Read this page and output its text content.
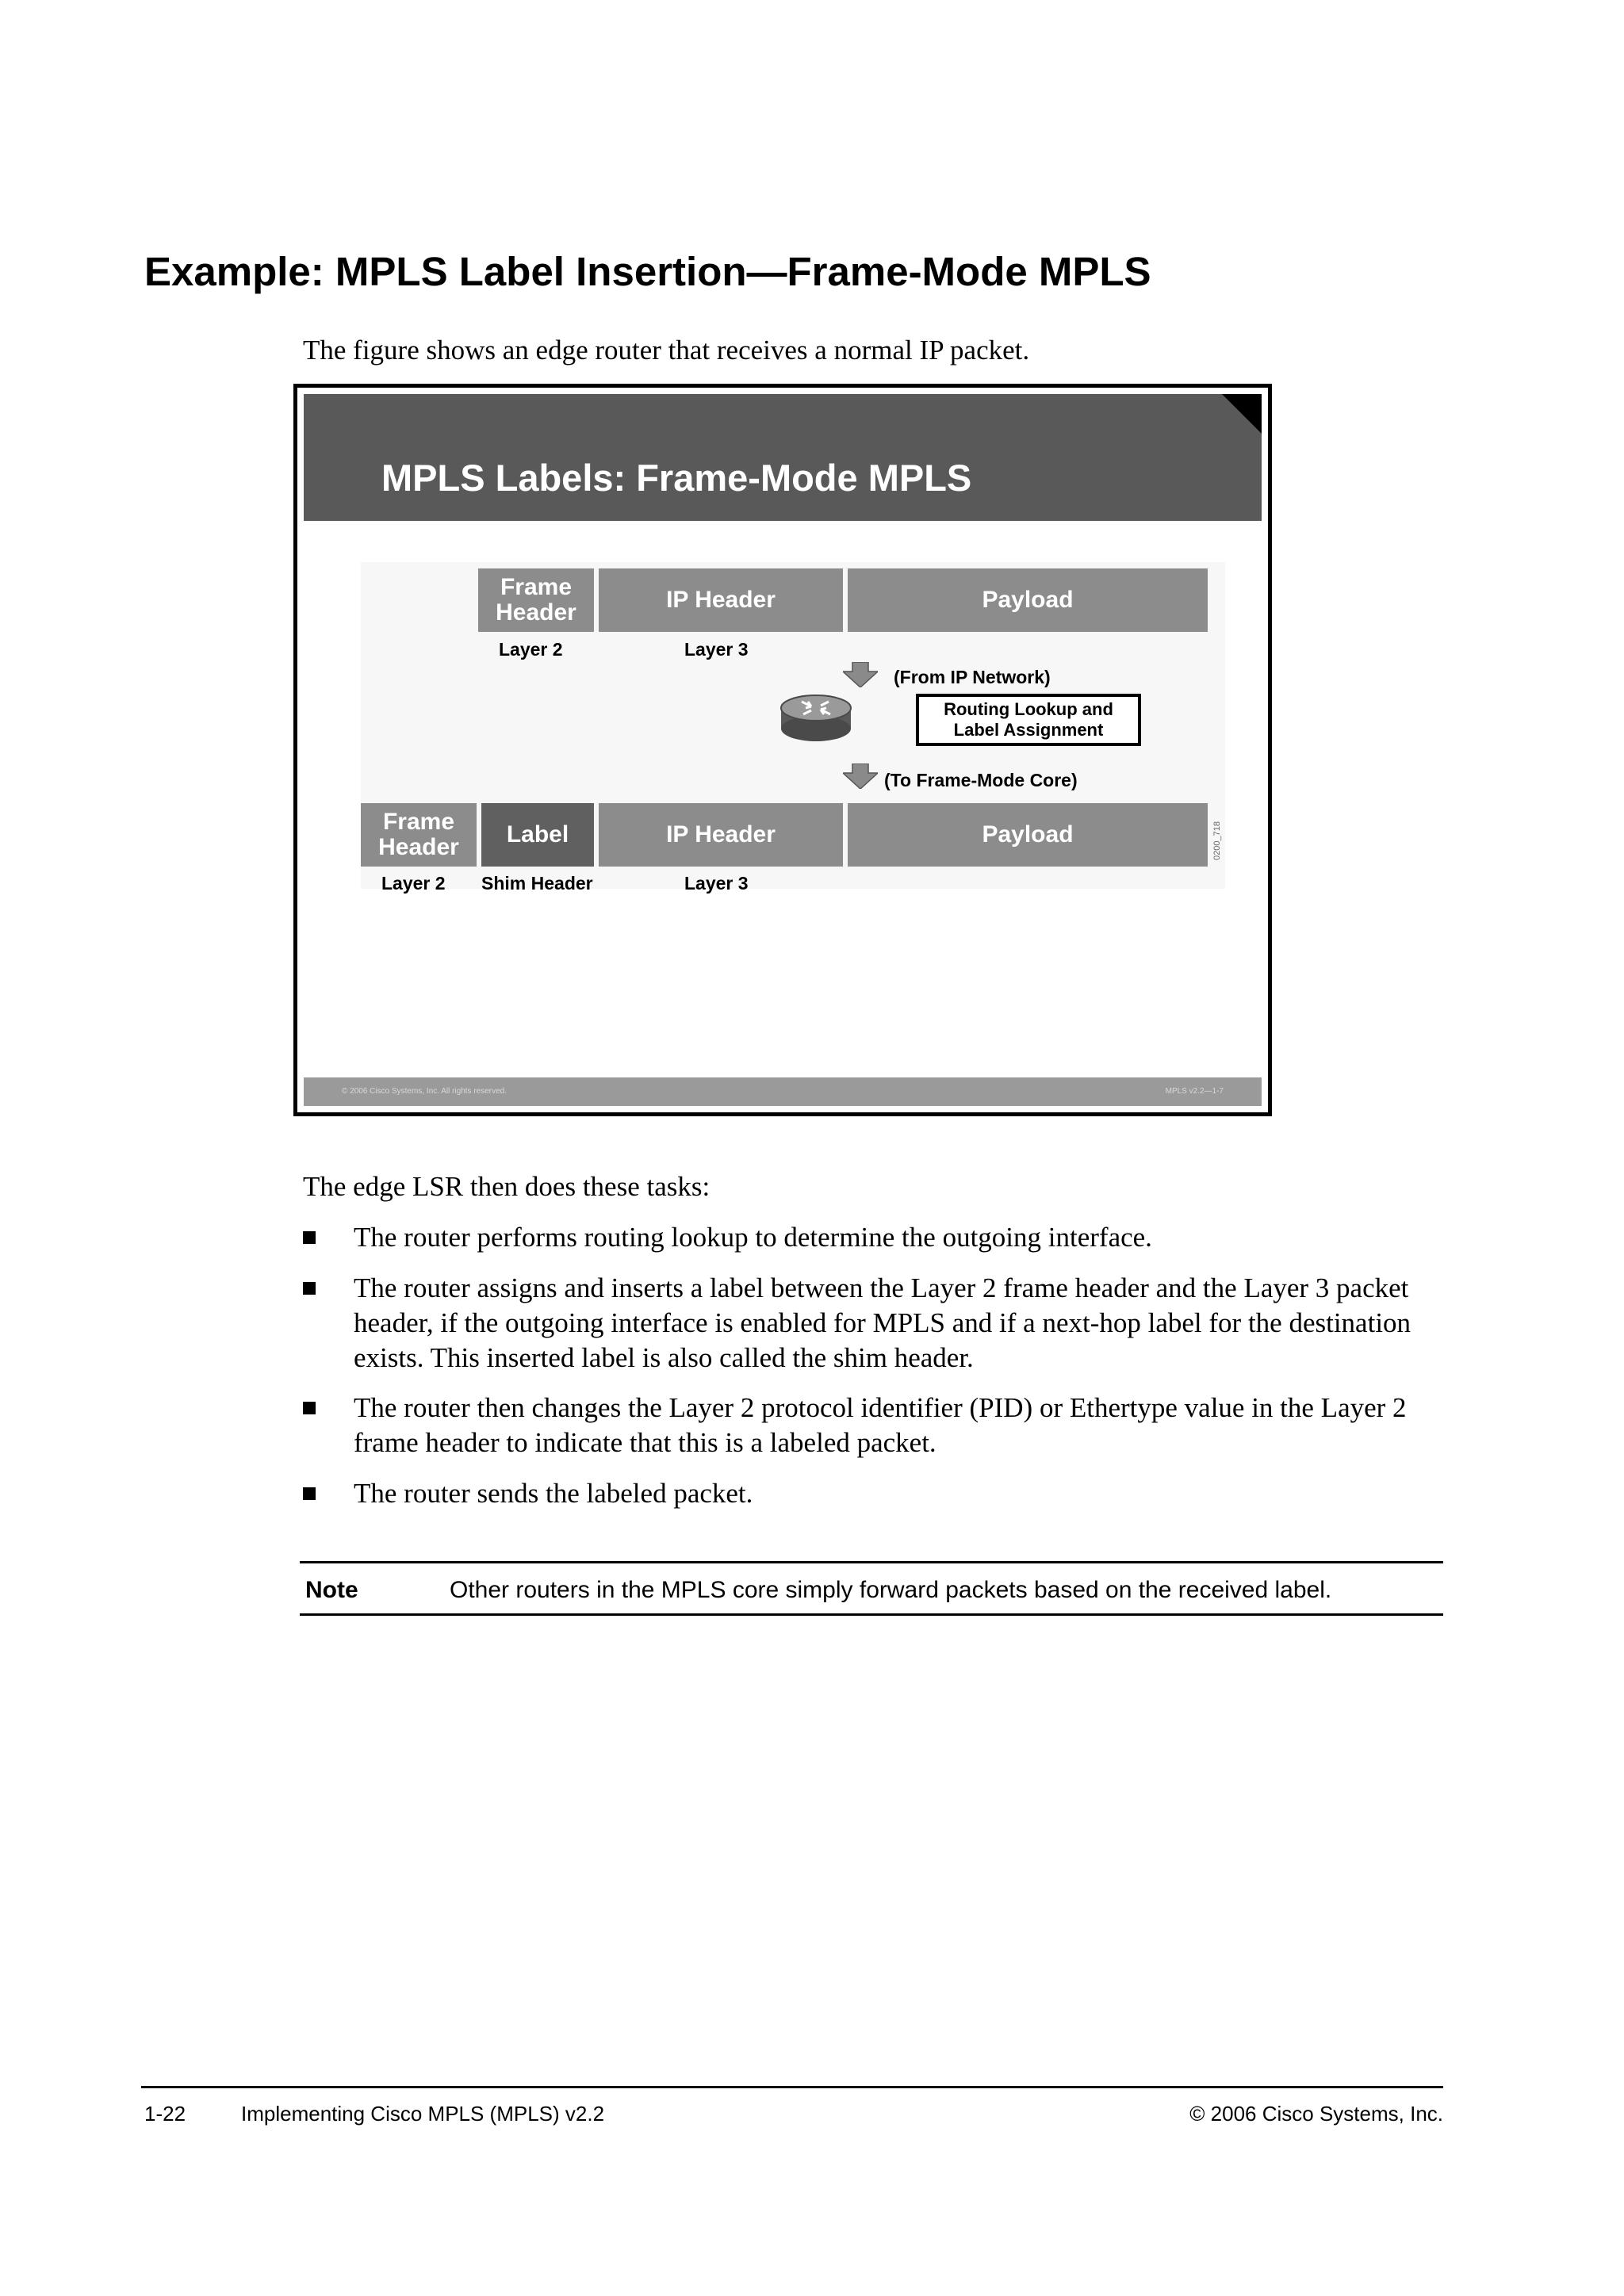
Example: MPLS Label Insertion—Frame-Mode MPLS
The figure shows an edge router that receives a normal IP packet.
MPLS Labels: Frame-Mode MPLS
Frame
Header	IP Header	Payload
Layer 2	Layer 3
(From IP Network)
Routing Lookup and
Label Assignment
(To Frame-Mode Core)
Frame
Header	Label	IP Header	Payload
Layer 2 Shim Header	Layer 3
0200_718
© 2006 Cisco Systems, Inc. All rights reserved.	MPLS v2.2—1-7
The edge LSR then does these tasks:
The router performs routing lookup to determine the outgoing interface.
The router assigns and inserts a label between the Layer 2 frame header and the Layer 3 packet header, if the outgoing interface is enabled for MPLS and if a next-hop label for the destination exists. This inserted label is also called the shim header.
The router then changes the Layer 2 protocol identifier (PID) or Ethertype value in the Layer 2 frame header to indicate that this is a labeled packet.
The router sends the labeled packet.
Note	Other routers in the MPLS core simply forward packets based on the received label.
1-22	Implementing Cisco MPLS (MPLS) v2.2	© 2006 Cisco Systems, Inc.
